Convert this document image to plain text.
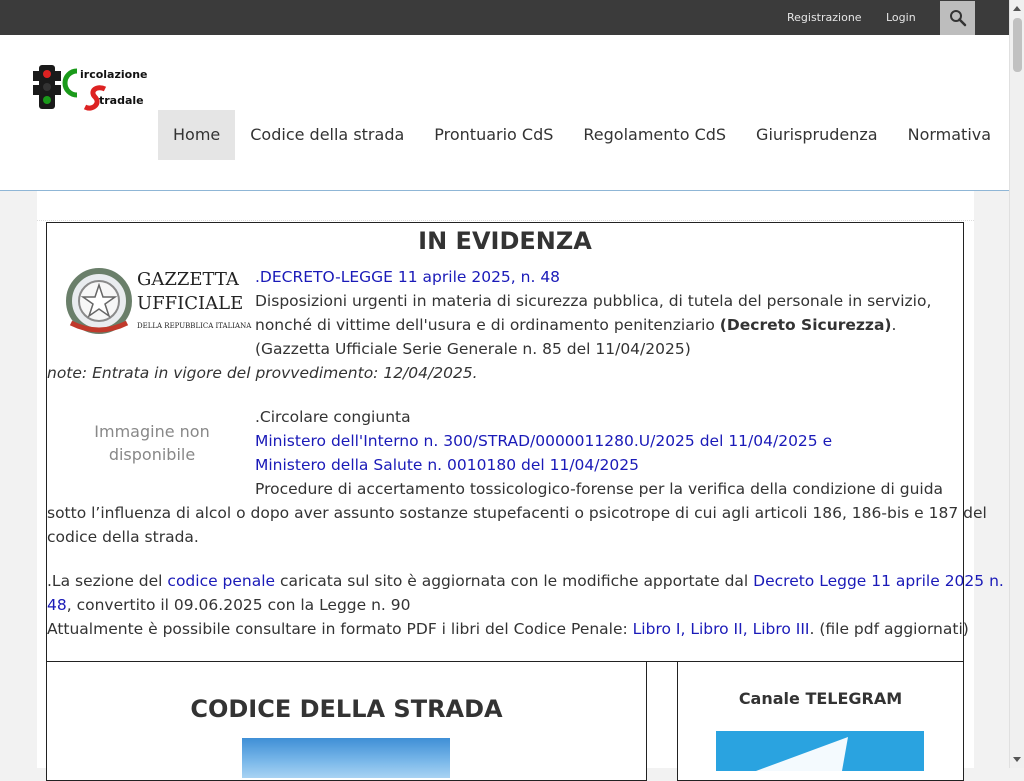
Registrazione Login
ircolazione
tradale
Home	Codice della strada	Prontuario CdS	Regolamento CdS	Giurisprudenza	Normativa
IN EVIDENZA
GAZZETTA
UFFICIALE
DELLA REPUBBLICA ITALIANA
.DECRETO-LEGGE 11 aprile 2025, n. 48
Disposizioni urgenti in materia di sicurezza pubblica, di tutela del personale in servizio,
nonché di vittime dell'usura e di ordinamento penitenziario (Decreto Sicurezza).
(Gazzetta Ufficiale Serie Generale n. 85 del 11/04/2025)
note: Entrata in vigore del provvedimento: 12/04/2025.
Immagine non disponibile
.Circolare congiunta
Ministero dell'Interno n. 300/STRAD/0000011280.U/2025 del 11/04/2025 e
Ministero della Salute n. 0010180 del 11/04/2025
Procedure di accertamento tossicologico-forense per la verifica della condizione di guida
sotto l’influenza di alcol o dopo aver assunto sostanze stupefacenti o psicotrope di cui agli articoli 186, 186-bis e 187 del
codice della strada.
.La sezione del codice penale caricata sul sito è aggiornata con le modifiche apportate dal Decreto Legge 11 aprile 2025 n.
48, convertito il 09.06.2025 con la Legge n. 90
Attualmente è possibile consultare in formato PDF i libri del Codice Penale: Libro I, Libro II, Libro III. (file pdf aggiornati)
CODICE DELLA STRADA	Canale TELEGRAM
